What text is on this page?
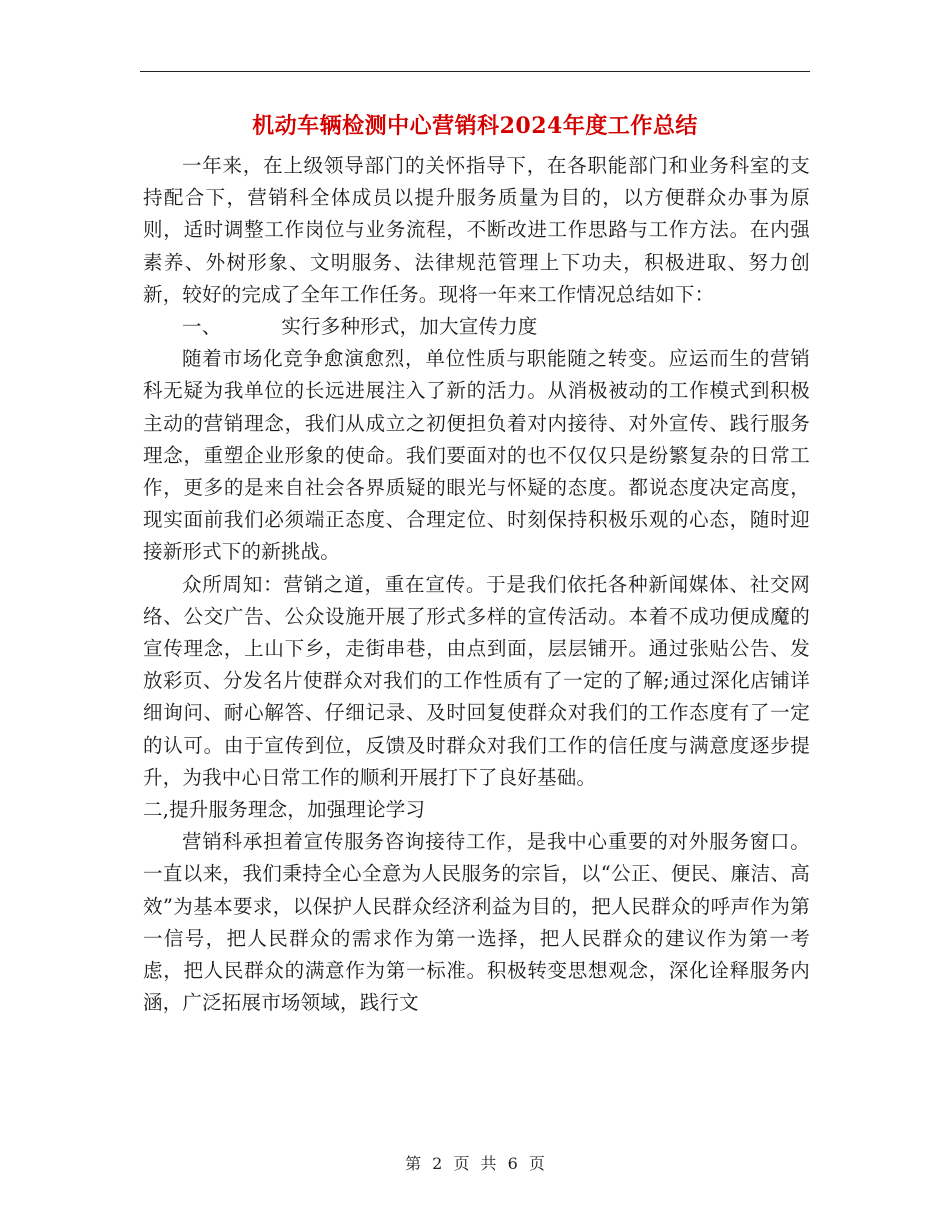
机动车辆检测中心营销科2024年度工作总结

一年来，在上级领导部门的关怀指导下，在各职能部门和业务科室的支持配合下，营销科全体成员以提升服务质量为目的，以方便群众办事为原则，适时调整工作岗位与业务流程，不断改进工作思路与工作方法。在内强素养、外树形象、文明服务、法律规范管理上下功夫，积极进取、努力创新，较好的完成了全年工作任务。现将一年来工作情况总结如下：

一、	实行多种形式，加大宣传力度

随着市场化竞争愈演愈烈，单位性质与职能随之转变。应运而生的营销科无疑为我单位的长远进展注入了新的活力。从消极被动的工作模式到积极主动的营销理念，我们从成立之初便担负着对内接待、对外宣传、践行服务理念，重塑企业形象的使命。我们要面对的也不仅仅只是纷繁复杂的日常工作，更多的是来自社会各界质疑的眼光与怀疑的态度。都说态度决定高度，现实面前我们必须端正态度、合理定位、时刻保持积极乐观的心态，随时迎接新形式下的新挑战。

众所周知：营销之道，重在宣传。于是我们依托各种新闻媒体、社交网络、公交广告、公众设施开展了形式多样的宣传活动。本着不成功便成魔的宣传理念，上山下乡，走街串巷，由点到面，层层铺开。通过张贴公告、发放彩页、分发名片使群众对我们的工作性质有了一定的了解;通过深化店铺详细询问、耐心解答、仔细记录、及时回复使群众对我们的工作态度有了一定的认可。由于宣传到位，反馈及时群众对我们工作的信任度与满意度逐步提升，为我中心日常工作的顺利开展打下了良好基础。

二,提升服务理念，加强理论学习

营销科承担着宣传服务咨询接待工作，是我中心重要的对外服务窗口。一直以来，我们秉持全心全意为人民服务的宗旨，以“公正、便民、廉洁、高效”为基本要求，以保护人民群众经济利益为目的，把人民群众的呼声作为第一信号，把人民群众的需求作为第一选择，把人民群众的建议作为第一考虑，把人民群众的满意作为第一标准。积极转变思想观念，深化诠释服务内涵，广泛拓展市场领域，践行文

第 2 页 共 6 页
